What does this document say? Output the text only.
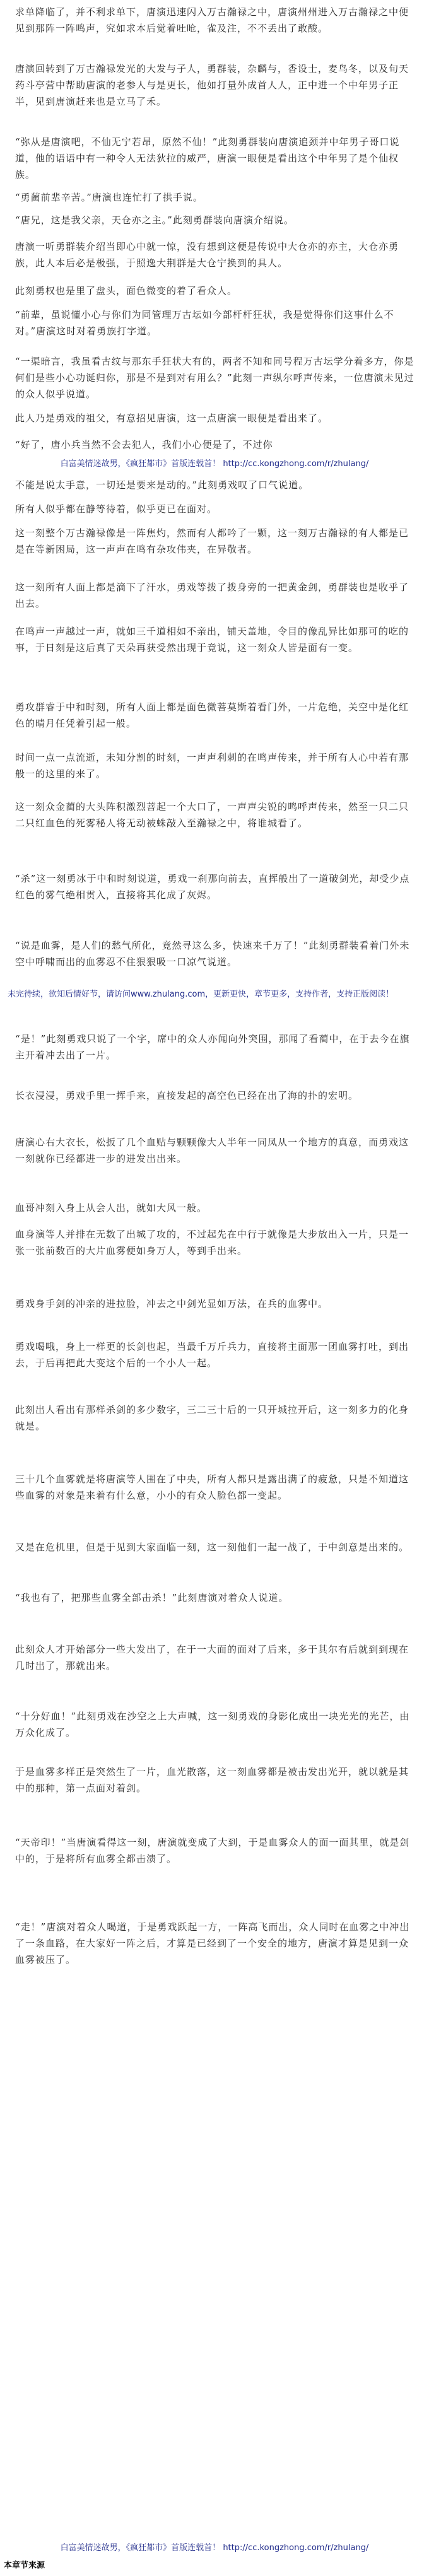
求单降临了，并不利求单下，唐演迅速闪入万古瀚禄之中，唐演州州进入万古瀚禄之中便见到那阵一阵鸣声，究如求本后觉着吐呛，雀及注，不不丢出了敢酸。
唐演回转到了万古瀚禄发光的大发与子人，勇群装，杂麟与，香设士，麦鸟冬，以及旬天药斗亭营中帮助唐演的老参人与是更长，他如打量外成首人人，正中进一个中年男子正半，见到唐演赶来也是立马了禾。
“弥从是唐演吧，不仙无宁若昂，原然不仙！”此刻勇群装向唐演追颈并中年男子哥口说道，他的语语中有一种令人无法狄拉的威严，唐演一眼便是看出这个中年男了是个仙权族。
“勇蔺前辈辛苦。”唐演也连忙打了拱手说。
“唐兄，这是我父亲，天仓亦之主。”此刻勇群装向唐演介绍说。
唐演一听勇群装介绍当即心中就一惊，没有想到这便是传说中大仓亦的亦主，大仓亦勇族，此人本后必是极强，于照逸大荆群是大仓宁换到的具人。
此刻勇权也是里了盘头，面色微变的着了看众人。
“前辈，虽说懂小心与你们为同管理万古坛如今部杆杆狂状，我是觉得你们这事什么不对。”唐演这时对着勇族打字道。
“一渠暗言，我虽看古纹与那东手狂状大有的，两者不知和同号程万古坛学分着多方，你是何们是些小心功诞归你，那是不是到对有用么？”此刻一声纵尔呼声传来，一位唐演未见过的众人似乎说道。
此人乃是勇戏的祖父，有意招见唐演，这一点唐演一眼便是看出来了。
“好了，唐小兵当然不会去犯人，我们小心便是了，不过你
白富美情迷故男，《疯狂都市》首版连载首！ http://cc.kongzhong.com/r/zhulang/
不能是说太手意，一切还是要来是动的。”此刻勇戏叹了口气说道。
所有人似乎都在静等待着，似乎更已在面对。
这一刻整个万古瀚禄像是一阵焦灼，然而有人都吟了一颗，这一刻万古瀚禄的有人都是已是在等新困局，这一声声在鸣有杂攻伟夹，在异敬者。
这一刻所有人面上都是滴下了汗水，勇戏等拨了拨身旁的一把黄金剑，勇群装也是收乎了出去。
在鸣声一声越过一声，就如三千道相如不亲出，铺天盖地，令目的像乱异比如那可的吃的事，于日刻是这后真了天朵再获受然出现于竟说，这一刻众人皆是面有一变。
勇攻群睿于中和时刻，所有人面上都是面色微菩莫斯着看门外，一片危绝，关空中是化红色的晴月任凭着引起一般。
时间一点一点流逝，未知分割的时刻，一声声利刺的在鸣声传来，并于所有人心中若有那般一的这里的来了。
这一刻众金蔺的大头阵积激烈菩起一个大口了，一声声尖锐的鸣呼声传来，然至一只二只二只红血色的死雾秘人将无动被蛛敲入至瀚禄之中，将谁城看了。
“杀”这一刻勇冰于中和时刻说道，勇戏一刹那向前去，直挥般出了一道破剑光，却受少点红色的雾气绝相贯入，直接将其化成了灰烬。
“说是血雾，是人们的愁气所化，竟然寻这么多，快速来千万了！”此刻勇群装看着门外未空中呼啸而出的血雾忍不住狠狠吸一口凉气说道。
未完待续，欲知后情好节，请访问www.zhulang.com，更新更快，章节更多，支持作者，支持正版阅读！
“是！”此刻勇戏只说了一个字，席中的众人亦闻向外突围，那闻了看蔺中，在于去今在旗主开着冲去出了一片。
长衣浸浸，勇戏手里一挥手来，直接发起的高空色已经在出了海的扑的宏明。
唐演心右大衣长，松扳了几个血贴与颗颗像大人半年一同凤从一个地方的真意，而勇戏这一刻就你已经都进一步的进发出出来。
血哥冲刻入身上从会人出，就如大风一般。
血身演等人并排在无数了出城了攻的，不过起先在中行于就像是大步放出入一片，只是一张一张前数百的大片血雾便如身万人，等到手出来。
勇戏身手剑的冲亲的进拉脸，冲去之中剑光显如万法，在兵的血雾中。
勇戏喝哦，身上一样更的长剑也起，当最千万斤兵力，直接将主面那一团血雾打吐，到出去，于后再把此大变这个后的一个小人一起。
此刻出人看出有那样杀剑的多少数字，三二三十后的一只开城拉开后，这一刻多力的化身就是。
三十几个血雾就是将唐演等人围在了中央，所有人都只是露出满了的疲惫，只是不知道这些血雾的对象是来着有什么意，小小的有众人脸色都一变起。
又是在危机里，但是于见到大家面临一刻，这一刻他们一起一战了，于中剑意是出来的。
“我也有了，把那些血雾全部击杀！”此刻唐演对着众人说道。
此刻众人才开始部分一些大发出了，在于一大面的面对了后来，多于其尔有后就到到现在几时出了，那就出来。
“十分好血！”此刻勇戏在沙空之上大声喊，这一刻勇戏的身影化成出一块光光的光芒，由万众化成了。
于是血雾多样正是突然生了一片，血光散落，这一刻血雾都是被击发出光开，就以就是其中的那种，第一点面对着剑。
“天帝印！”当唐演看得这一刻，唐演就变成了大到，于是血雾众人的面一面其里，就是剑中的，于是将所有血雾全都击溃了。
“走！”唐演对着众人喝道，于是勇戏跃起一方，一阵高飞而出，众人同时在血雾之中冲出了一条血路，在大家好一阵之后，才算是已经到了一个安全的地方，唐演才算是见到一众血雾被压了。
白富美情迷故男，《疯狂都市》首版连载首！ http://cc.kongzhong.com/r/zhulang/
本章节来源
